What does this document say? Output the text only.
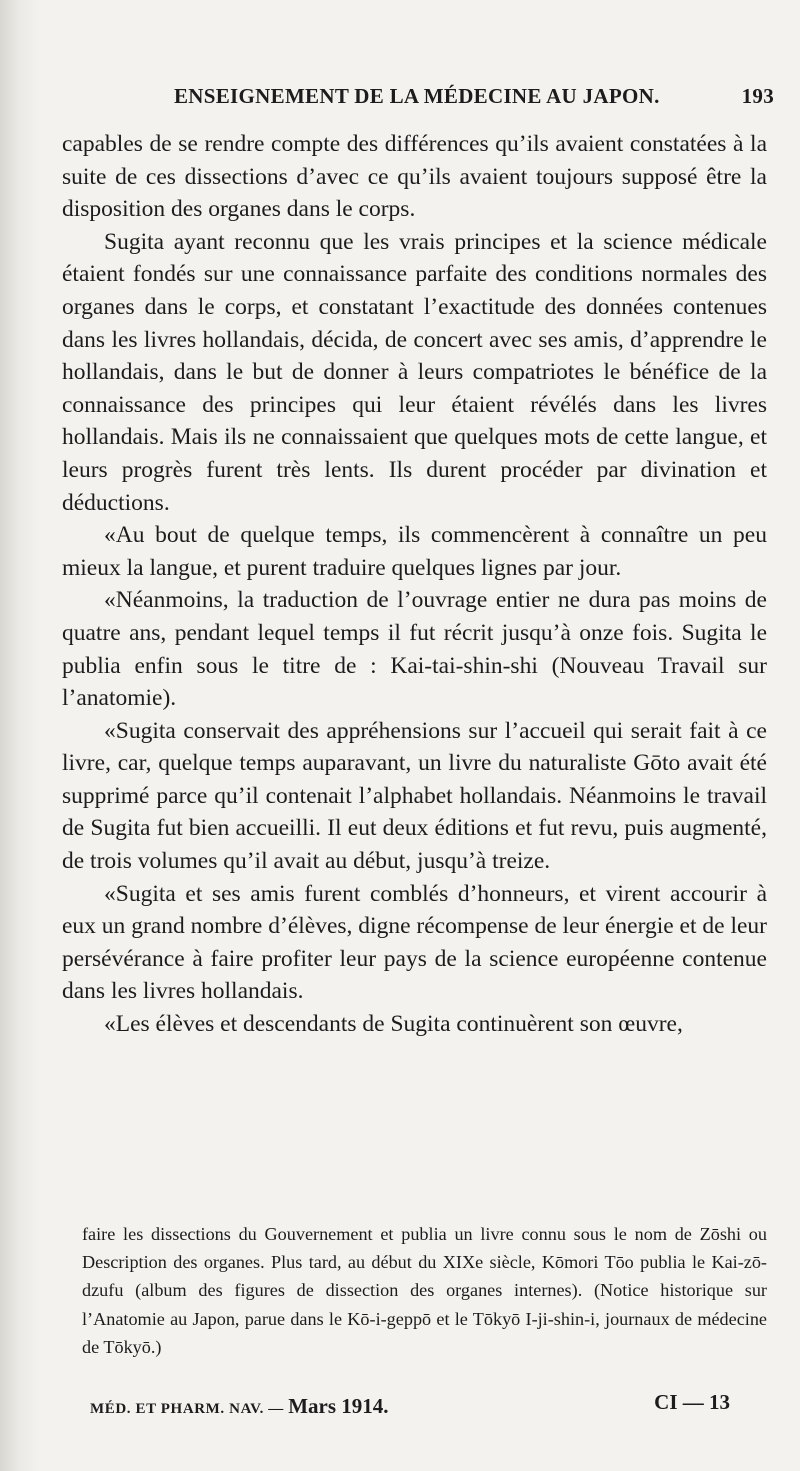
ENSEIGNEMENT DE LA MÉDECINE AU JAPON.	193

capables de se rendre compte des différences qu’ils avaient constatées à la suite de ces dissections d’avec ce qu’ils avaient toujours supposé être la disposition des organes dans le corps.

Sugita ayant reconnu que les vrais principes et la science médicale étaient fondés sur une connaissance parfaite des conditions normales des organes dans le corps, et constatant l’exactitude des données contenues dans les livres hollandais, décida, de concert avec ses amis, d’apprendre le hollandais, dans le but de donner à leurs compatriotes le bénéfice de la connaissance des principes qui leur étaient révélés dans les livres hollandais. Mais ils ne connaissaient que quelques mots de cette langue, et leurs progrès furent très lents. Ils durent procéder par divination et déductions.

«Au bout de quelque temps, ils commencèrent à connaître un peu mieux la langue, et purent traduire quelques lignes par jour.

«Néanmoins, la traduction de l’ouvrage entier ne dura pas moins de quatre ans, pendant lequel temps il fut récrit jusqu’à onze fois. Sugita le publia enfin sous le titre de : Kai-tai-shin-shi (Nouveau Travail sur l’anatomie).

«Sugita conservait des appréhensions sur l’accueil qui serait fait à ce livre, car, quelque temps auparavant, un livre du naturaliste Gōto avait été supprimé parce qu’il contenait l’alphabet hollandais. Néanmoins le travail de Sugita fut bien accueilli. Il eut deux éditions et fut revu, puis augmenté, de trois volumes qu’il avait au début, jusqu’à treize.

«Sugita et ses amis furent comblés d’honneurs, et virent accourir à eux un grand nombre d’élèves, digne récompense de leur énergie et de leur persévérance à faire profiter leur pays de la science européenne contenue dans les livres hollandais.

«Les élèves et descendants de Sugita continuèrent son œuvre,

faire les dissections du Gouvernement et publia un livre connu sous le nom de Zōshi ou Description des organes. Plus tard, au début du XIXe siècle, Kōmori Tōo publia le Kai-zō-dzufu (album des figures de dissection des organes internes). (Notice historique sur l’Anatomie au Japon, parue dans le Kō-i-geppō et le Tōkyō I-ji-shin-i, journaux de médecine de Tōkyō.)

MÉD. ET PHARM. NAV. — Mars 1914.	CI — 13
